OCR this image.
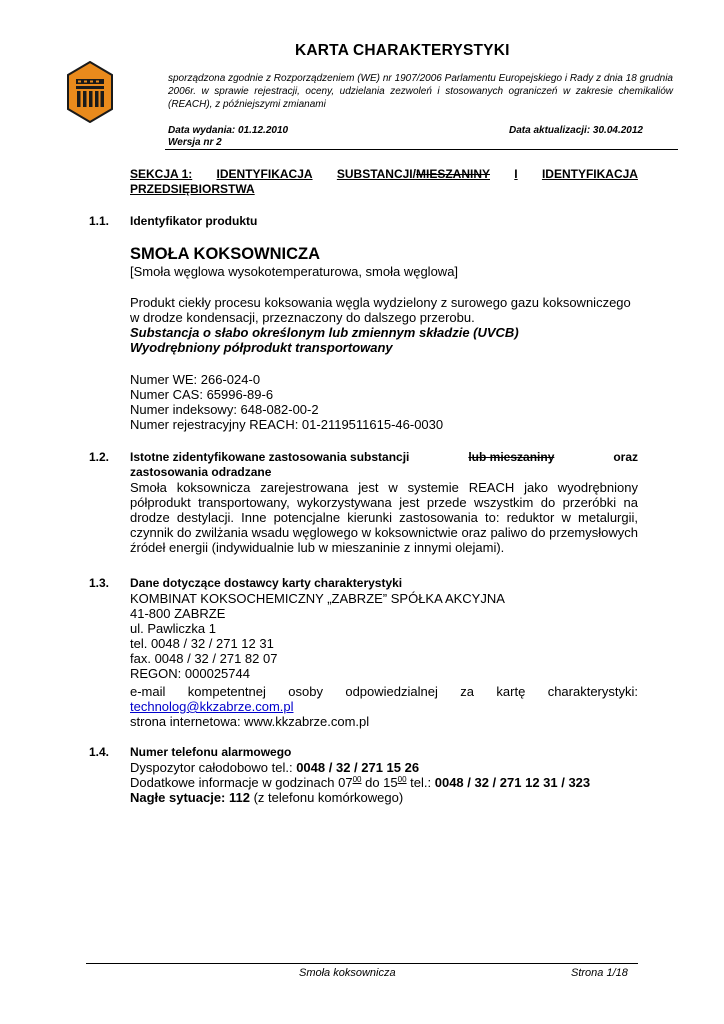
KARTA CHARAKTERYSTYKI
sporządzona zgodnie z Rozporządzeniem (WE) nr 1907/2006 Parlamentu Europejskiego i Rady z dnia 18 grudnia 2006r. w sprawie rejestracji, oceny, udzielania zezwoleń i stosowanych ograniczeń w zakresie chemikaliów (REACH), z późniejszymi zmianami
Data wydania: 01.12.2010
Wersja nr 2
Data aktualizacji: 30.04.2012
SEKCJA 1: IDENTYFIKACJA SUBSTANCJI/MIESZANINY I IDENTYFIKACJA
PRZEDSIĘBIORSTWA
1.1. Identyfikator produktu
SMOŁA KOKSOWNICZA
[Smoła węglowa wysokotemperaturowa, smoła węglowa]
Produkt ciekły procesu koksowania węgla wydzielony z surowego gazu koksowniczego
w drodze kondensacji, przeznaczony do dalszego przerobu.
Substancja o słabo określonym lub zmiennym składzie (UVCB)
Wyodrębniony półprodukt transportowany
Numer WE: 266-024-0
Numer CAS: 65996-89-6
Numer indeksowy: 648-082-00-2
Numer rejestracyjny REACH: 01-2119511615-46-0030
1.2. Istotne zidentyfikowane zastosowania substancji	lub mieszaniny	oraz
zastosowania odradzane
Smoła koksownicza zarejestrowana jest w systemie REACH jako wyodrębniony półprodukt transportowany, wykorzystywana jest przede wszystkim do przeróbki na drodze destylacji. Inne potencjalne kierunki zastosowania to: reduktor w metalurgii, czynnik do zwilżania wsadu węglowego w koksownictwie oraz paliwo do przemysłowych źródeł energii (indywidualnie lub w mieszaninie z innymi olejami).
1.3. Dane dotyczące dostawcy karty charakterystyki
KOMBINAT KOKSOCHEMICZNY „ZABRZE” SPÓŁKA AKCYJNA
41-800 ZABRZE
ul. Pawliczka 1
tel. 0048 / 32 / 271 12 31
fax. 0048 / 32 / 271 82 07
REGON: 000025744
e-mail kompetentnej osoby odpowiedzialnej za kartę charakterystyki:
technolog@kkzabrze.com.pl
strona internetowa: www.kkzabrze.com.pl
1.4. Numer telefonu alarmowego
Dyspozytor całodobowo tel.: 0048 / 32 / 271 15 26
Dodatkowe informacje w godzinach $07^{00}$ do $15^{00}$ tel.: 0048 / 32 / 271 12 31 / 323
Nagłe sytuacje: 112 (z telefonu komórkowego)
Smoła koksownicza	Strona 1/18
